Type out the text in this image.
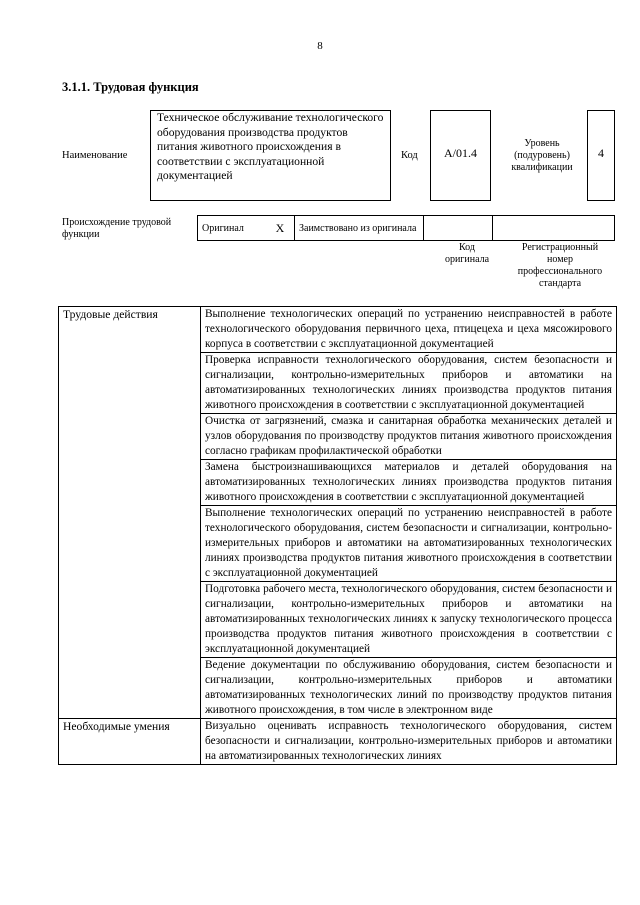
8
3.1.1. Трудовая функция
Наименование
Техническое обслуживание технологического оборудования производства продуктов питания животного происхождения в соответствии с эксплуатационной документацией
Код	А/01.4
Уровень (подуровень) квалификации
4
Происхождение трудовой функции
Оригинал	X	Заимствовано из оригинала		
Код оригинала
Регистрационный номер профессионального стандарта
Трудовые действия	Выполнение технологических операций по устранению неисправностей в работе технологического оборудования первичного цеха, птицецеха и цеха мясожирового корпуса в соответствии с эксплуатационной документацией
	Проверка исправности технологического оборудования, систем безопасности и сигнализации, контрольно-измерительных приборов и автоматики на автоматизированных технологических линиях производства продуктов питания животного происхождения в соответствии с эксплуатационной документацией
	Очистка от загрязнений, смазка и санитарная обработка механических деталей и узлов оборудования по производству продуктов питания животного происхождения согласно графикам профилактической обработки
	Замена быстроизнашивающихся материалов и деталей оборудования на автоматизированных технологических линиях производства продуктов питания животного происхождения в соответствии с эксплуатационной документацией
	Выполнение технологических операций по устранению неисправностей в работе технологического оборудования, систем безопасности и сигнализации, контрольно-измерительных приборов и автоматики на автоматизированных технологических линиях производства продуктов питания животного происхождения в соответствии с эксплуатационной документацией
	Подготовка рабочего места, технологического оборудования, систем безопасности и сигнализации, контрольно-измерительных приборов и автоматики на автоматизированных технологических линиях к запуску технологического процесса производства продуктов питания животного происхождения в соответствии с эксплуатационной документацией
	Ведение документации по обслуживанию оборудования, систем безопасности и сигнализации, контрольно-измерительных приборов и автоматики автоматизированных технологических линий по производству продуктов питания животного происхождения, в том числе в электронном виде
Необходимые умения	Визуально оценивать исправность технологического оборудования, систем безопасности и сигнализации, контрольно-измерительных приборов и автоматики на автоматизированных технологических линиях
